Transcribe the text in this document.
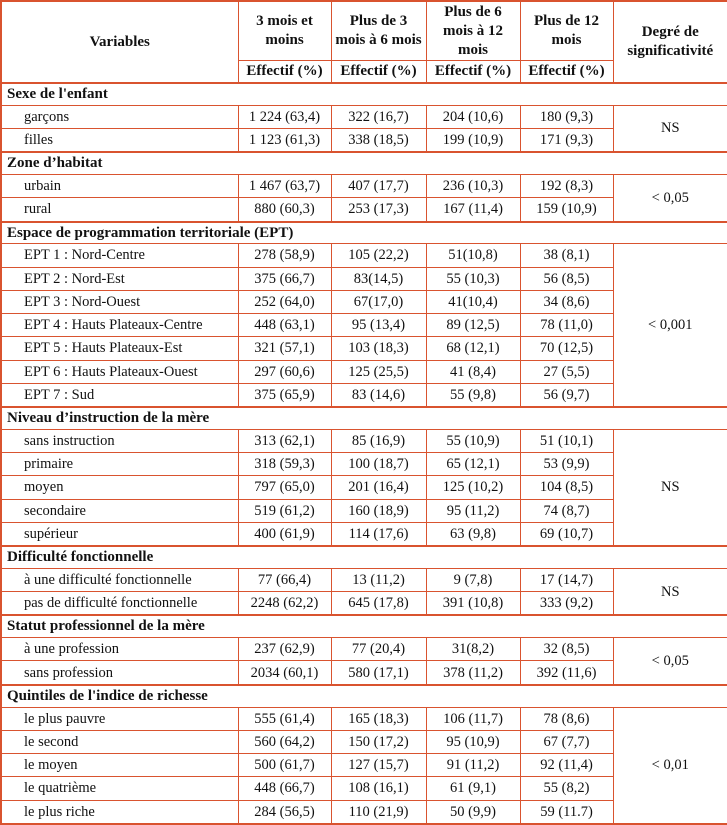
Variables	3 mois et moins	Plus de 3 mois à 6 mois	Plus de 6 mois à 12 mois	Plus de 12 mois	Degré de significativité
	Effectif (%)	Effectif (%)	Effectif (%)	Effectif (%)	
Sexe de l'enfant					
garçons	1 224 (63,4)	322 (16,7)	204 (10,6)	180 (9,3)	NS
filles	1 123 (61,3)	338 (18,5)	199 (10,9)	171 (9,3)	
Zone d’habitat					
urbain	1 467 (63,7)	407 (17,7)	236 (10,3)	192 (8,3)	< 0,05
rural	880 (60,3)	253 (17,3)	167 (11,4)	159 (10,9)	
Espace de programmation territoriale (EPT)					
EPT 1 : Nord-Centre	278 (58,9)	105 (22,2)	51(10,8)	38 (8,1)	< 0,001
EPT 2 : Nord-Est	375 (66,7)	83(14,5)	55 (10,3)	56 (8,5)	
EPT 3 : Nord-Ouest	252 (64,0)	67(17,0)	41(10,4)	34 (8,6)	
EPT 4 : Hauts Plateaux-Centre	448 (63,1)	95 (13,4)	89 (12,5)	78 (11,0)	
EPT 5 : Hauts Plateaux-Est	321 (57,1)	103 (18,3)	68 (12,1)	70 (12,5)	
EPT 6 : Hauts Plateaux-Ouest	297 (60,6)	125 (25,5)	41 (8,4)	27 (5,5)	
EPT 7 : Sud	375 (65,9)	83 (14,6)	55 (9,8)	56 (9,7)	
Niveau d’instruction de la mère					
sans instruction	313 (62,1)	85 (16,9)	55 (10,9)	51 (10,1)	NS
primaire	318 (59,3)	100 (18,7)	65 (12,1)	53 (9,9)	
moyen	797 (65,0)	201 (16,4)	125 (10,2)	104 (8,5)	
secondaire	519 (61,2)	160 (18,9)	95 (11,2)	74 (8,7)	
supérieur	400 (61,9)	114 (17,6)	63 (9,8)	69 (10,7)	
Difficulté fonctionnelle					
à une difficulté fonctionnelle	77 (66,4)	13 (11,2)	9 (7,8)	17 (14,7)	NS
pas de difficulté fonctionnelle	2248 (62,2)	645 (17,8)	391 (10,8)	333 (9,2)	
Statut professionnel de la mère					
à une profession	237 (62,9)	77 (20,4)	31(8,2)	32 (8,5)	< 0,05
sans profession	2034 (60,1)	580 (17,1)	378 (11,2)	392 (11,6)	
Quintiles de l'indice de richesse					
le plus pauvre	555 (61,4)	165 (18,3)	106 (11,7)	78 (8,6)	< 0,01
le second	560 (64,2)	150 (17,2)	95 (10,9)	67 (7,7)	
le moyen	500 (61,7)	127 (15,7)	91 (11,2)	92 (11,4)	
le quatrième	448 (66,7)	108 (16,1)	61 (9,1)	55 (8,2)	
le plus riche	284 (56,5)	110 (21,9)	50 (9,9)	59 (11.7)	
